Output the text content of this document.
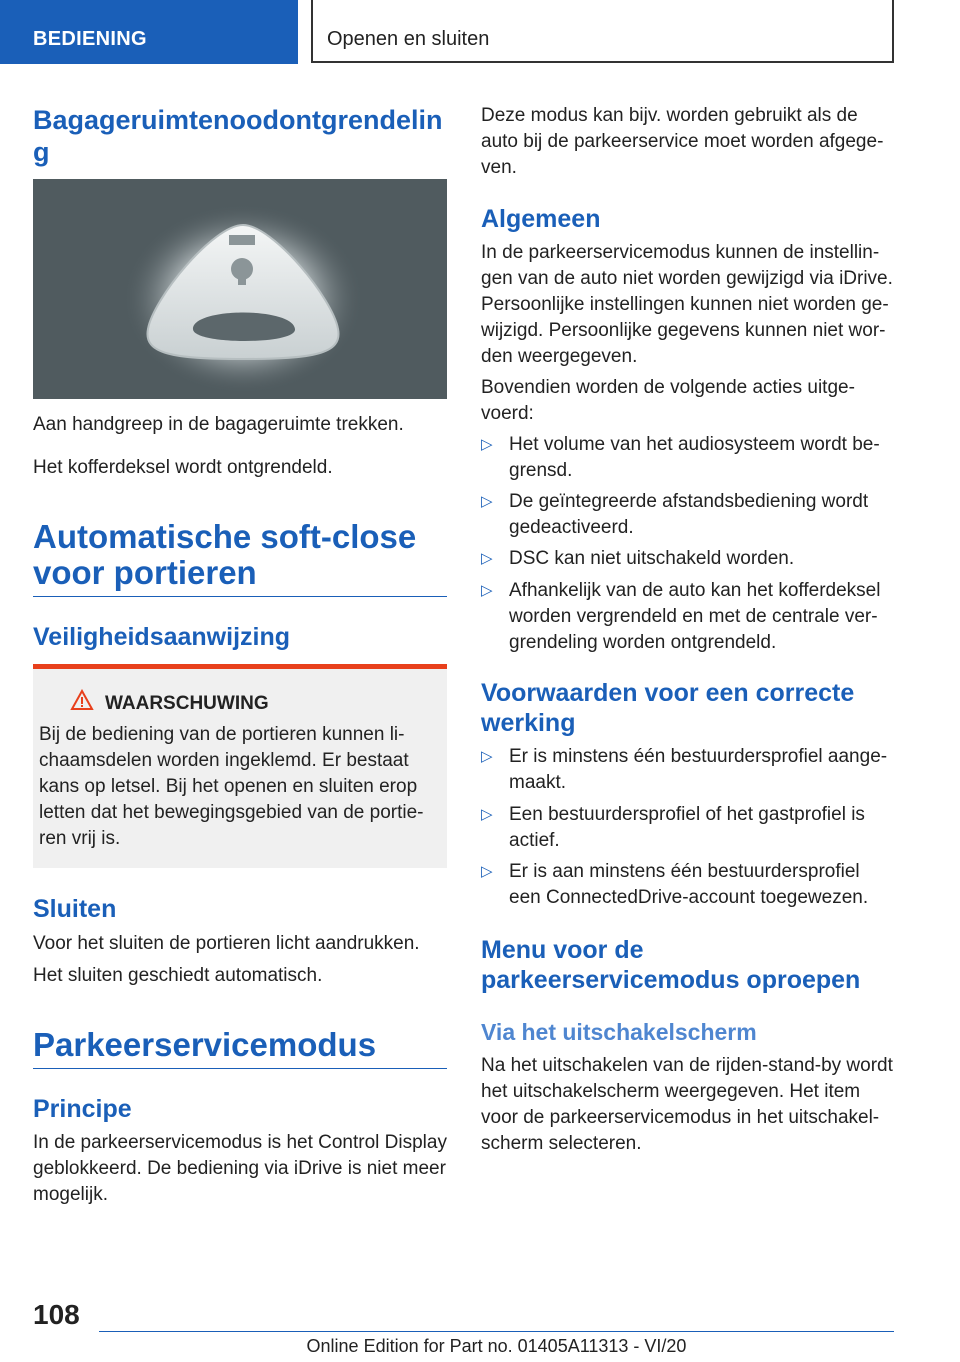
BEDIENING	Openen en sluiten
Bagageruimtenoodontgrendelin
g

Aan handgreep in de bagageruimte trekken.

Het kofferdeksel wordt ontgrendeld.

Automatische soft-close
voor portieren
Veiligheidsaanwijzing
WAARSCHUWING

Bij de bediening van de portieren kunnen li-

chaamsdelen worden ingeklemd. Er bestaat

kans op letsel. Bij het openen en sluiten erop

letten dat het bewegingsgebied van de portie-

ren vrij is.

Sluiten

Voor het sluiten de portieren licht aandrukken.

Het sluiten geschiedt automatisch.

Parkeerservicemodus
Principe

In de parkeerservicemodus is het Control Display

geblokkeerd. De bediening via iDrive is niet meer

mogelijk.

Deze modus kan bijv. worden gebruikt als de

auto bij de parkeerservice moet worden afgege-

ven.

Algemeen

In de parkeerservicemodus kunnen de instellin-

gen van de auto niet worden gewijzigd via iDrive.

Persoonlijke instellingen kunnen niet worden ge-

wijzigd. Persoonlijke gegevens kunnen niet wor-

den weergegeven.

Bovendien worden de volgende acties uitge-

voerd:

▷ Het volume van het audiosysteem wordt be-
grensd.
▷ De geïntegreerde afstandsbediening wordt
gedeactiveerd.
▷ DSC kan niet uitschakeld worden.
▷ Afhankelijk van de auto kan het kofferdeksel
worden vergrendeld en met de centrale ver-
grendeling worden ontgrendeld.
Voorwaarden voor een correcte
werking
▷ Er is minstens één bestuurdersprofiel aange-
maakt.
▷ Een bestuurdersprofiel of het gastprofiel is
actief.
▷ Er is aan minstens één bestuurdersprofiel
een ConnectedDrive-account toegewezen.
Menu voor de
parkeerservicemodus oproepen
Via het uitschakelscherm

Na het uitschakelen van de rijden-stand-by wordt

het uitschakelscherm weergegeven. Het item

voor de parkeerservicemodus in het uitschakel-

scherm selecteren.

108
Online Edition for Part no. 01405A11313 - VI/20
